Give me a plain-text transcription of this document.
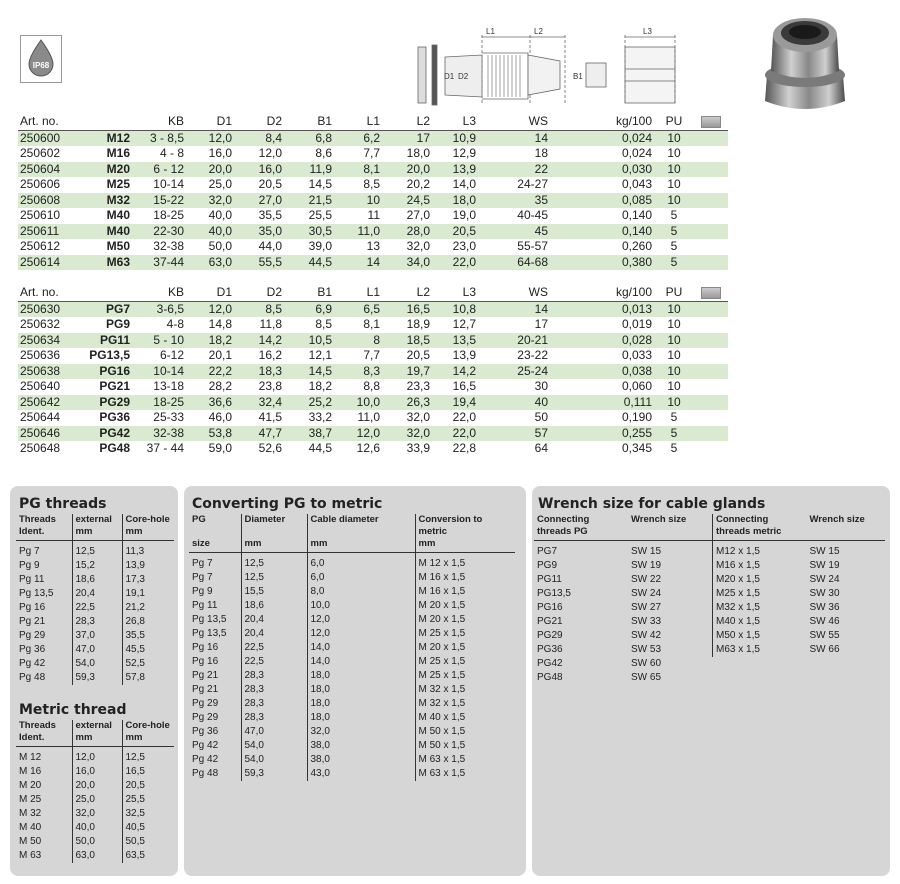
IP68
L1	L2	L3
D1 D2	B1
Art. no.		KB	D1	D2	B1	L1	L2	L3	WS	kg/100	PU	
250600	M12	3 - 8,5	12,0	8,4	6,8	6,2	17	10,9	14	0,024	10	
250602	M16	4 - 8	16,0	12,0	8,6	7,7	18,0	12,9	18	0,024	10	
250604	M20	6 - 12	20,0	16,0	11,9	8,1	20,0	13,9	22	0,030	10	
250606	M25	10-14	25,0	20,5	14,5	8,5	20,2	14,0	24-27	0,043	10	
250608	M32	15-22	32,0	27,0	21,5	10	24,5	18,0	35	0,085	10	
250610	M40	18-25	40,0	35,5	25,5	11	27,0	19,0	40-45	0,140	5	
250611	M40	22-30	40,0	35,0	30,5	11,0	28,0	20,5	45	0,140	5	
250612	M50	32-38	50,0	44,0	39,0	13	32,0	23,0	55-57	0,260	5	
250614	M63	37-44	63,0	55,5	44,5	14	34,0	22,0	64-68	0,380	5	
Art. no.		KB	D1	D2	B1	L1	L2	L3	WS	kg/100	PU	
250630	PG7	3-6,5	12,0	8,5	6,9	6,5	16,5	10,8	14	0,013	10	
250632	PG9	4-8	14,8	11,8	8,5	8,1	18,9	12,7	17	0,019	10	
250634	PG11	5 - 10	18,2	14,2	10,5	8	18,5	13,5	20-21	0,028	10	
250636	PG13,5	6-12	20,1	16,2	12,1	7,7	20,5	13,9	23-22	0,033	10	
250638	PG16	10-14	22,2	18,3	14,5	8,3	19,7	14,2	25-24	0,038	10	
250640	PG21	13-18	28,2	23,8	18,2	8,8	23,3	16,5	30	0,060	10	
250642	PG29	18-25	36,6	32,4	25,2	10,0	26,3	19,4	40	0,111	10	
250644	PG36	25-33	46,0	41,5	33,2	11,0	32,0	22,0	50	0,190	5	
250646	PG42	32-38	53,8	47,7	38,7	12,0	32,0	22,0	57	0,255	5	
250648	PG48	37 - 44	59,0	52,6	44,5	12,6	33,9	22,8	64	0,345	5	
PG threads
Threads	external	Core-hole
Ident.	mm	mm
Pg 7	12,5	11,3
Pg 9	15,2	13,9
Pg 11	18,6	17,3
Pg 13,5	20,4	19,1
Pg 16	22,5	21,2
Pg 21	28,3	26,8
Pg 29	37,0	35,5
Pg 36	47,0	45,5
Pg 42	54,0	52,5
Pg 48	59,3	57,8
Metric thread
Threads	external	Core-hole
Ident.	mm	mm
M 12	12,0	12,5
M 16	16,0	16,5
M 20	20,0	20,5
M 25	25,0	25,5
M 32	32,0	32,5
M 40	40,0	40,5
M 50	50,0	50,5
M 63	63,0	63,5
Converting PG to metric
PG	Diameter	Cable diameter	Conversion to metric
size	mm	mm	mm
Pg 7	12,5	6,0	M 12 x 1,5
Pg 7	12,5	6,0	M 16 x 1,5
Pg 9	15,5	8,0	M 16 x 1,5
Pg 11	18,6	10,0	M 20 x 1,5
Pg 13,5	20,4	12,0	M 20 x 1,5
Pg 13,5	20,4	12,0	M 25 x 1,5
Pg 16	22,5	14,0	M 20 x 1,5
Pg 16	22,5	14,0	M 25 x 1,5
Pg 21	28,3	18,0	M 25 x 1,5
Pg 21	28,3	18,0	M 32 x 1,5
Pg 29	28,3	18,0	M 32 x 1,5
Pg 29	28,3	18,0	M 40 x 1,5
Pg 36	47,0	32,0	M 50 x 1,5
Pg 42	54,0	38,0	M 50 x 1,5
Pg 42	54,0	38,0	M 63 x 1,5
Pg 48	59,3	43,0	M 63 x 1,5
Wrench size for cable glands
Connecting threads PG	Wrench size
PG7	SW 15
PG9	SW 19
PG11	SW 22
PG13,5	SW 24
PG16	SW 27
PG21	SW 33
PG29	SW 42
PG36	SW 53
PG42	SW 60
PG48	SW 65
Connecting threads metric	Wrench size
M12 x 1,5	SW 15
M16 x 1,5	SW 19
M20 x 1,5	SW 24
M25 x 1,5	SW 30
M32 x 1,5	SW 36
M40 x 1,5	SW 46
M50 x 1,5	SW 55
M63 x 1,5	SW 66
